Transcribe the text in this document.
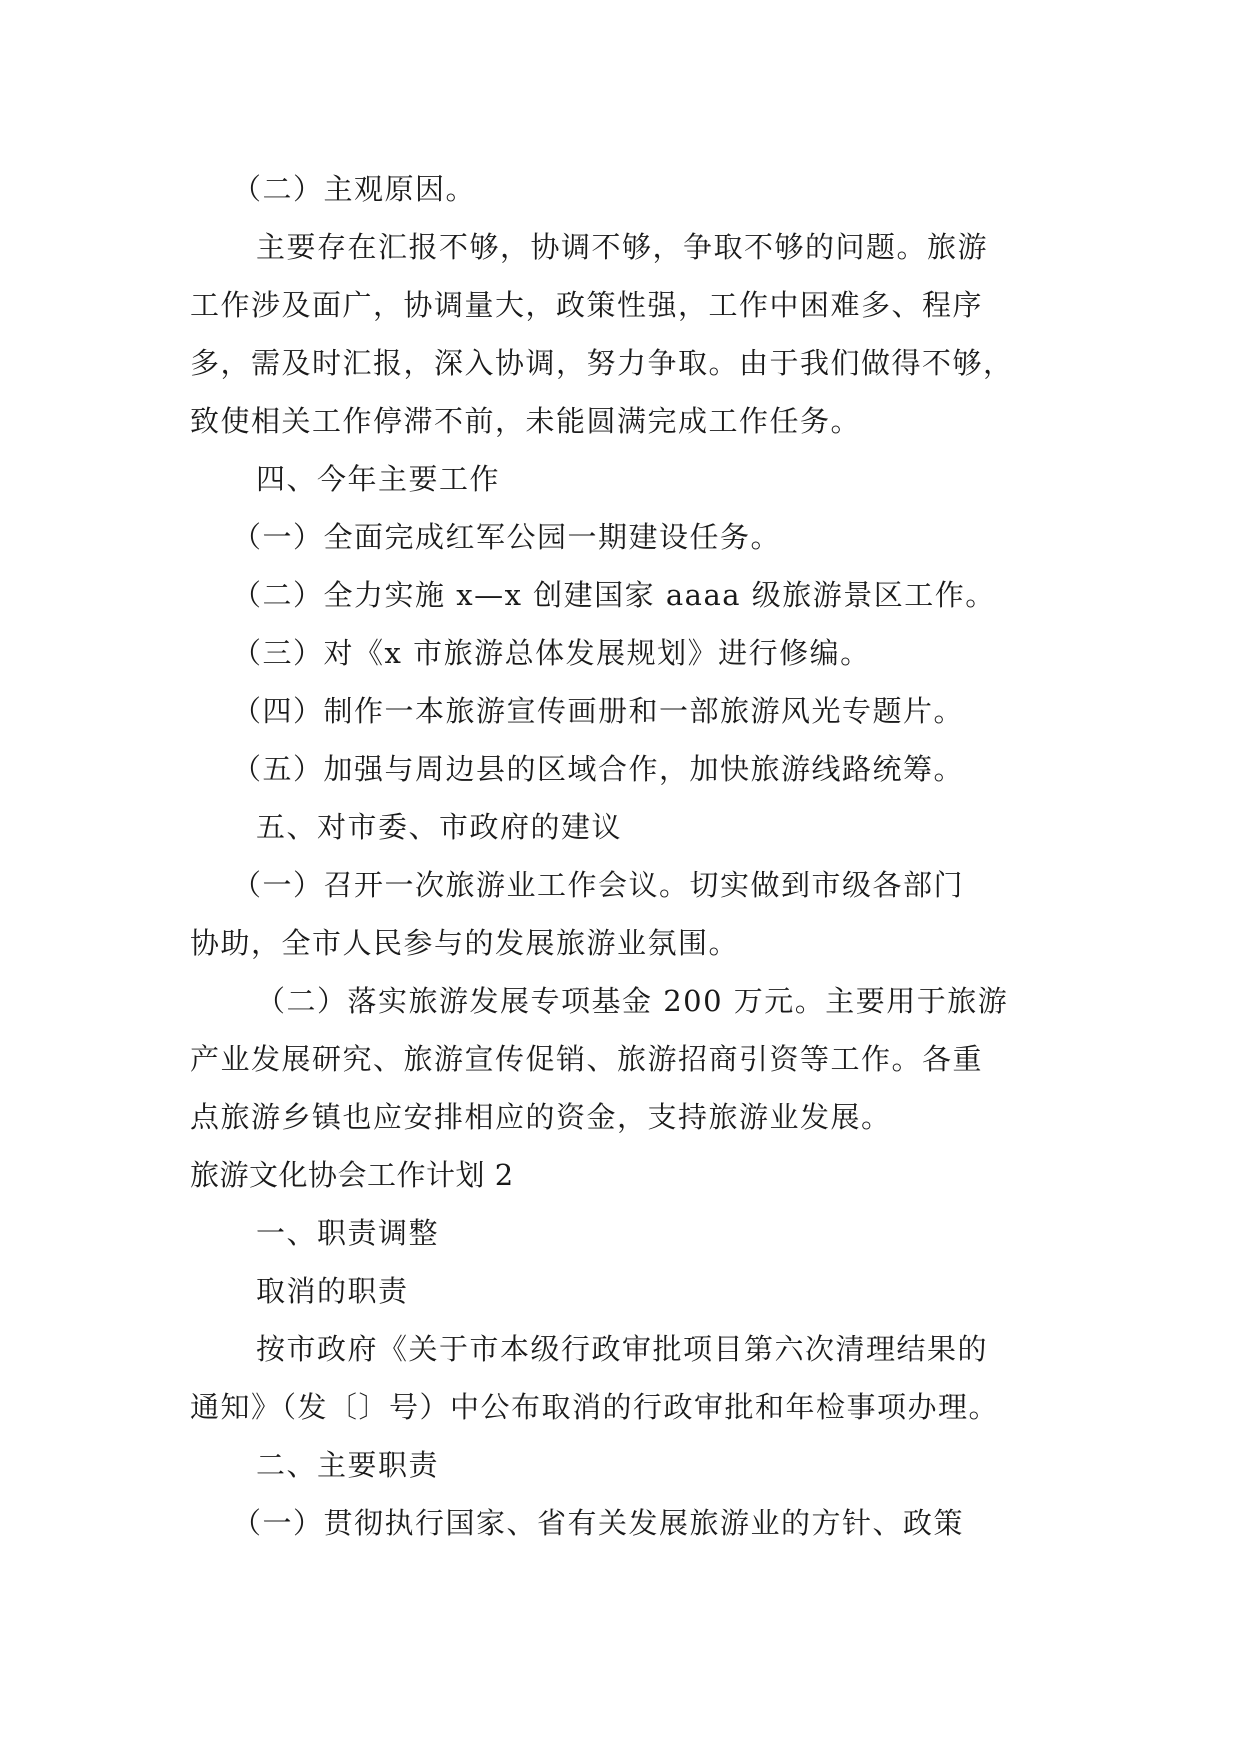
（二）主观原因。
主要存在汇报不够，协调不够，争取不够的问题。旅游
工作涉及面广，协调量大，政策性强，工作中困难多、程序
多，需及时汇报，深入协调，努力争取。由于我们做得不够，
致使相关工作停滞不前，未能圆满完成工作任务。
四、今年主要工作
（一）全面完成红军公园一期建设任务。
（二）全力实施 x—x 创建国家 aaaa 级旅游景区工作。
（三）对《x 市旅游总体发展规划》进行修编。
（四）制作一本旅游宣传画册和一部旅游风光专题片。
（五）加强与周边县的区域合作，加快旅游线路统筹。
五、对市委、市政府的建议
（一）召开一次旅游业工作会议。切实做到市级各部门
协助，全市人民参与的发展旅游业氛围。
（二）落实旅游发展专项基金 200 万元。主要用于旅游
产业发展研究、旅游宣传促销、旅游招商引资等工作。各重
点旅游乡镇也应安排相应的资金，支持旅游业发展。
旅游文化协会工作计划 2
一、职责调整
取消的职责
按市政府《关于市本级行政审批项目第六次清理结果的
通知》（发〔〕号）中公布取消的行政审批和年检事项办理。
二、主要职责
（一）贯彻执行国家、省有关发展旅游业的方针、政策
